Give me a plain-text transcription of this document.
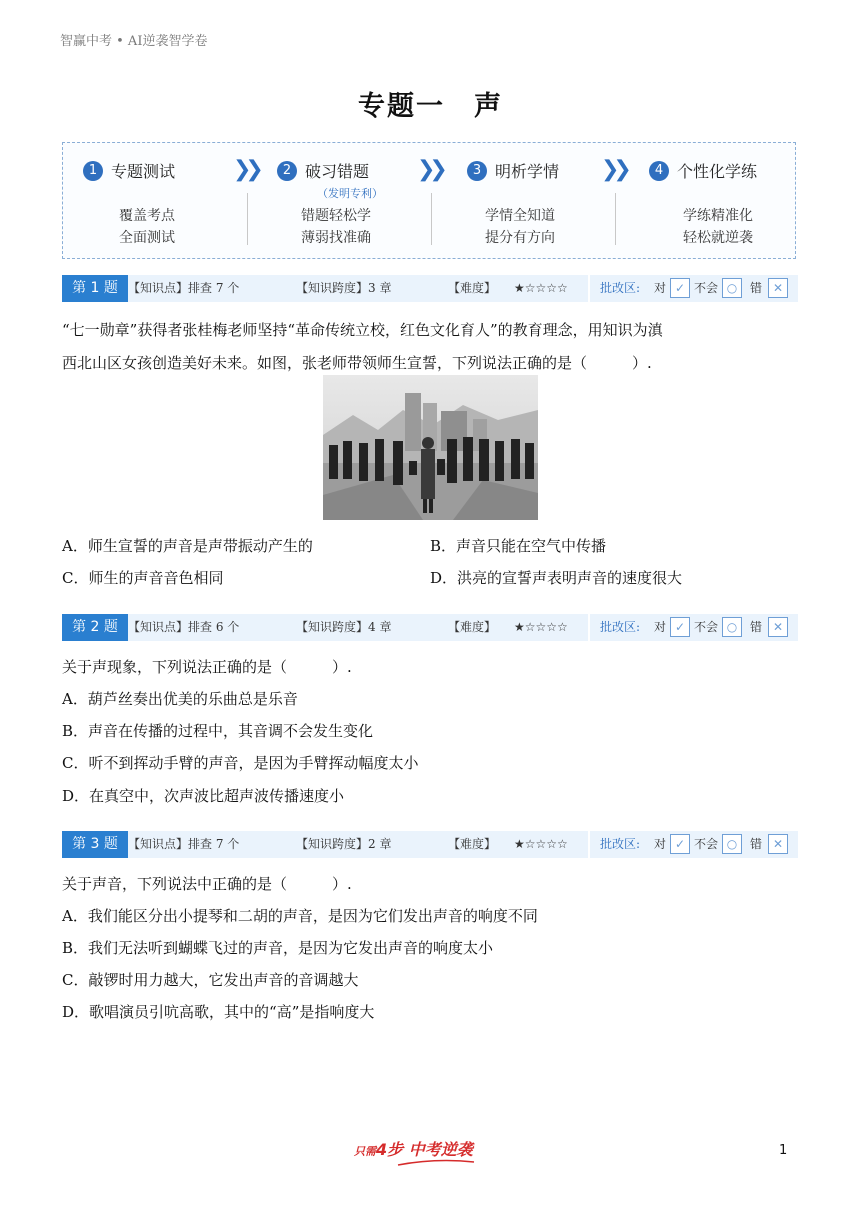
智赢中考 • AI逆袭智学卷
专题一　声
1 专题测试	❯❯	2 破习错题
（发明专利）
❯❯	3 明析学情 ❯❯	4 个性化学练
覆盖考点
全面测试
错题轻松学
薄弱找准确
学情全知道
提分有方向
学练精准化
轻松就逆袭
第 1 题 【知识点】排查 7 个	【知识跨度】3 章	【难度】 ★☆☆☆☆	批改区: 对 ✓ 不会 ○	错 ✕
“七一勋章”获得者张桂梅老师坚持“革命传统立校，红色文化育人”的教育理念，用知识为滇
西北山区女孩创造美好未来。如图，张老师带领师生宣誓，下列说法正确的是（　　　）.
A．师生宣誓的声音是声带振动产生的	B．声音只能在空气中传播
C．师生的声音音色相同	D．洪亮的宣誓声表明声音的速度很大
第 2 题 【知识点】排查 6 个	【知识跨度】4 章	【难度】 ★☆☆☆☆	批改区: 对 ✓ 不会 ○	错 ✕
关于声现象，下列说法正确的是（　　　）.
A．葫芦丝奏出优美的乐曲总是乐音
B．声音在传播的过程中，其音调不会发生变化
C．听不到挥动手臂的声音，是因为手臂挥动幅度太小
D．在真空中，次声波比超声波传播速度小
第 3 题 【知识点】排查 7 个	【知识跨度】2 章	【难度】 ★☆☆☆☆	批改区: 对 ✓ 不会 ○	错 ✕
关于声音，下列说法中正确的是（　　　）.
A．我们能区分出小提琴和二胡的声音，是因为它们发出声音的响度不同
B．我们无法听到蝴蝶飞过的声音，是因为它发出声音的响度太小
C．敲锣时用力越大，它发出声音的音调越大
D．歌唱演员引吭高歌，其中的“高”是指响度大
只需4步 中考逆袭	1
